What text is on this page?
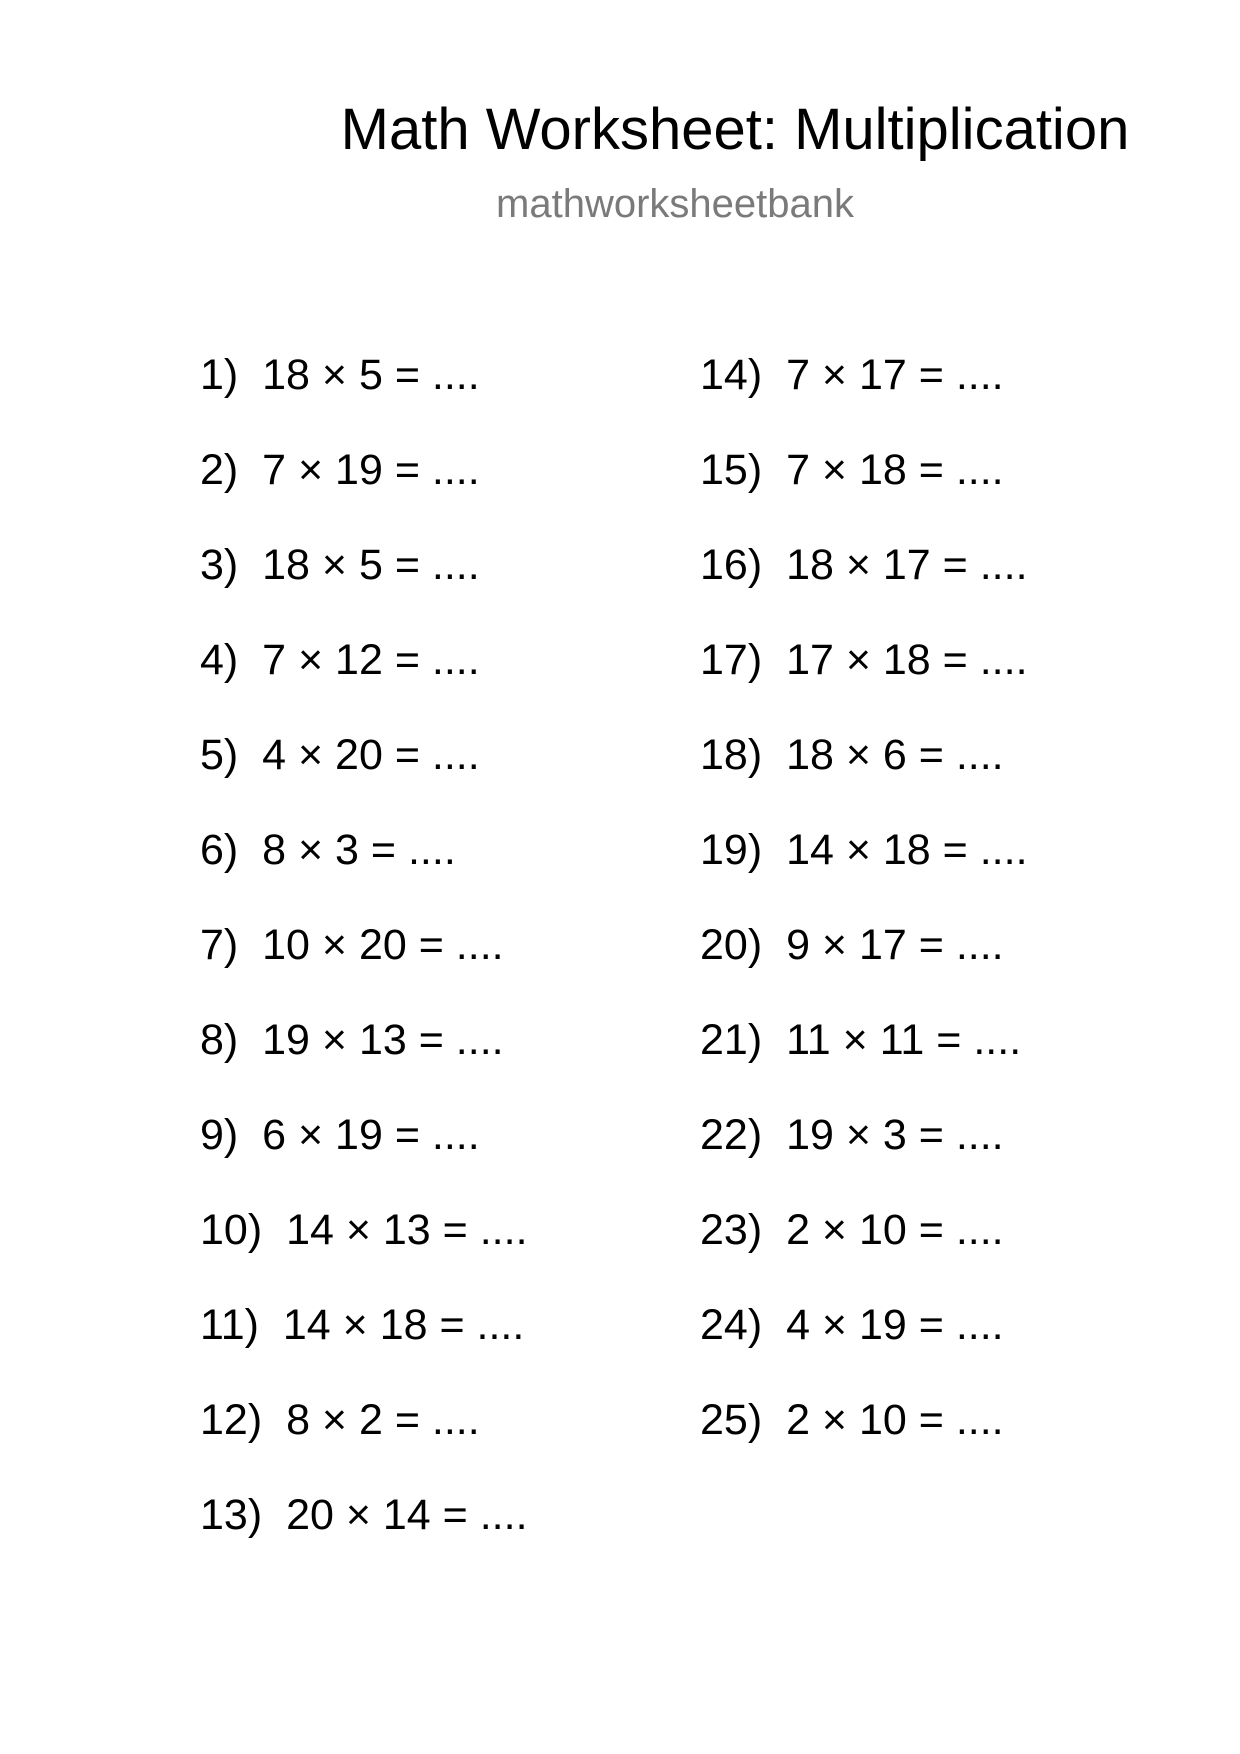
Math Worksheet: Multiplication
mathworksheetbank
1) 18 × 5 = ....
2) 7 × 19 = ....
3) 18 × 5 = ....
4) 7 × 12 = ....
5) 4 × 20 = ....
6) 8 × 3 = ....
7) 10 × 20 = ....
8) 19 × 13 = ....
9) 6 × 19 = ....
10) 14 × 13 = ....
11) 14 × 18 = ....
12) 8 × 2 = ....
13) 20 × 14 = ....
14) 7 × 17 = ....
15) 7 × 18 = ....
16) 18 × 17 = ....
17) 17 × 18 = ....
18) 18 × 6 = ....
19) 14 × 18 = ....
20) 9 × 17 = ....
21) 11 × 11 = ....
22) 19 × 3 = ....
23) 2 × 10 = ....
24) 4 × 19 = ....
25) 2 × 10 = ....
